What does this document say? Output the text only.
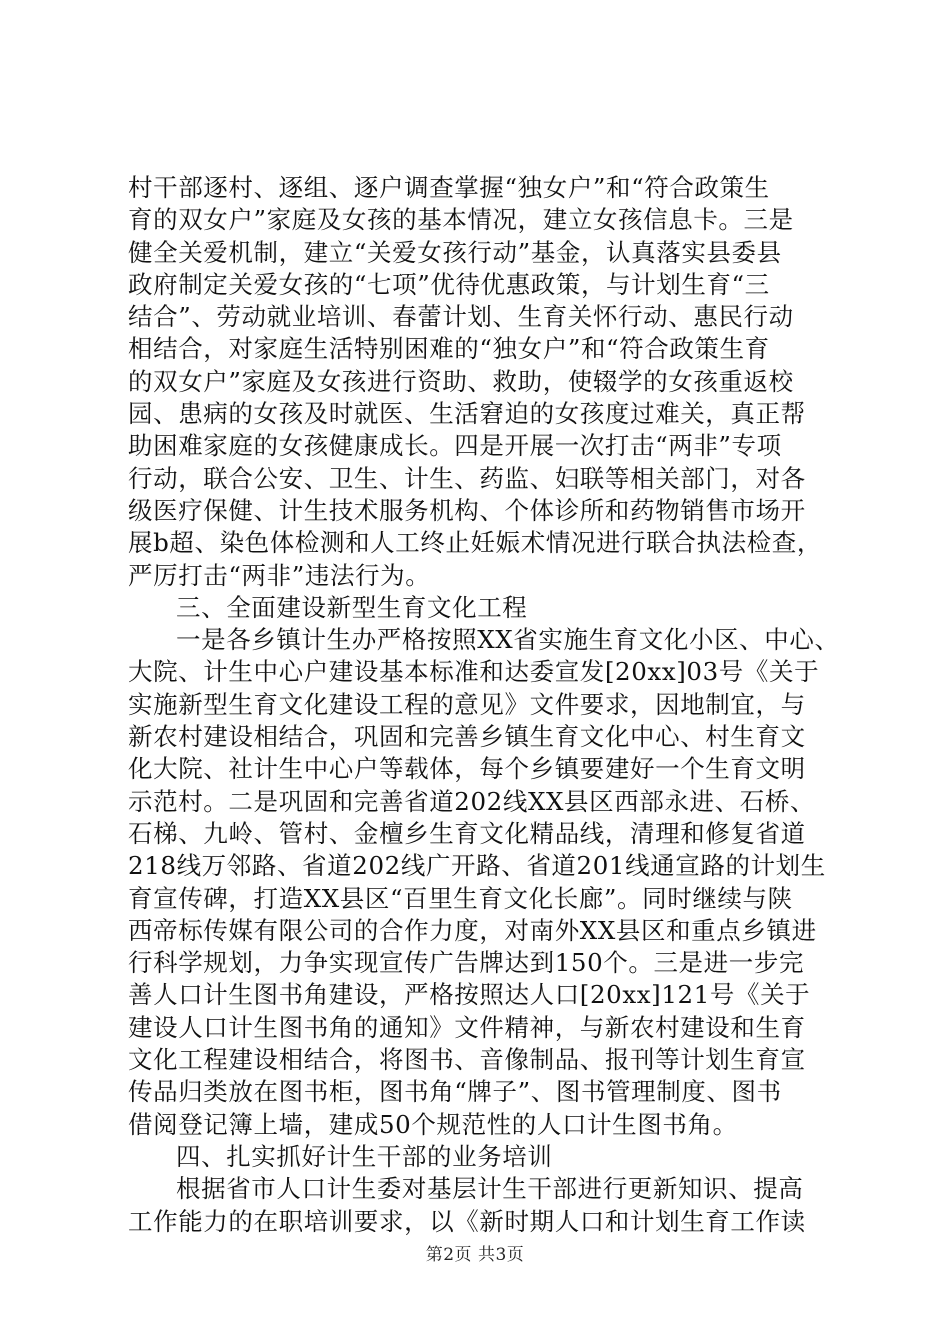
村干部逐村、逐组、逐户调查掌握“独女户”和“符合政策生
育的双女户”家庭及女孩的基本情况，建立女孩信息卡。三是
健全关爱机制，建立“关爱女孩行动”基金，认真落实县委县
政府制定关爱女孩的“七项”优待优惠政策，与计划生育“三
结合”、劳动就业培训、春蕾计划、生育关怀行动、惠民行动
相结合，对家庭生活特别困难的“独女户”和“符合政策生育
的双女户”家庭及女孩进行资助、救助，使辍学的女孩重返校
园、患病的女孩及时就医、生活窘迫的女孩度过难关，真正帮
助困难家庭的女孩健康成长。四是开展一次打击“两非”专项
行动，联合公安、卫生、计生、药监、妇联等相关部门，对各
级医疗保健、计生技术服务机构、个体诊所和药物销售市场开
展b超、染色体检测和人工终止妊娠术情况进行联合执法检查，
严厉打击“两非”违法行为。
三、全面建设新型生育文化工程
一是各乡镇计生办严格按照XX省实施生育文化小区、中心、
大院、计生中心户建设基本标准和达委宣发[20xx]03号《关于
实施新型生育文化建设工程的意见》文件要求，因地制宜，与
新农村建设相结合，巩固和完善乡镇生育文化中心、村生育文
化大院、社计生中心户等载体，每个乡镇要建好一个生育文明
示范村。二是巩固和完善省道202线XX县区西部永进、石桥、
石梯、九岭、管村、金檀乡生育文化精品线，清理和修复省道
218线万邻路、省道202线广开路、省道201线通宣路的计划生
育宣传碑，打造XX县区“百里生育文化长廊”。同时继续与陕
西帝标传媒有限公司的合作力度，对南外XX县区和重点乡镇进
行科学规划，力争实现宣传广告牌达到150个。三是进一步完
善人口计生图书角建设，严格按照达人口[20xx]121号《关于
建设人口计生图书角的通知》文件精神，与新农村建设和生育
文化工程建设相结合，将图书、音像制品、报刊等计划生育宣
传品归类放在图书柜，图书角“牌子”、图书管理制度、图书
借阅登记簿上墙，建成50个规范性的人口计生图书角。
四、扎实抓好计生干部的业务培训
根据省市人口计生委对基层计生干部进行更新知识、提高
工作能力的在职培训要求，以《新时期人口和计划生育工作读
第2页 共3页
